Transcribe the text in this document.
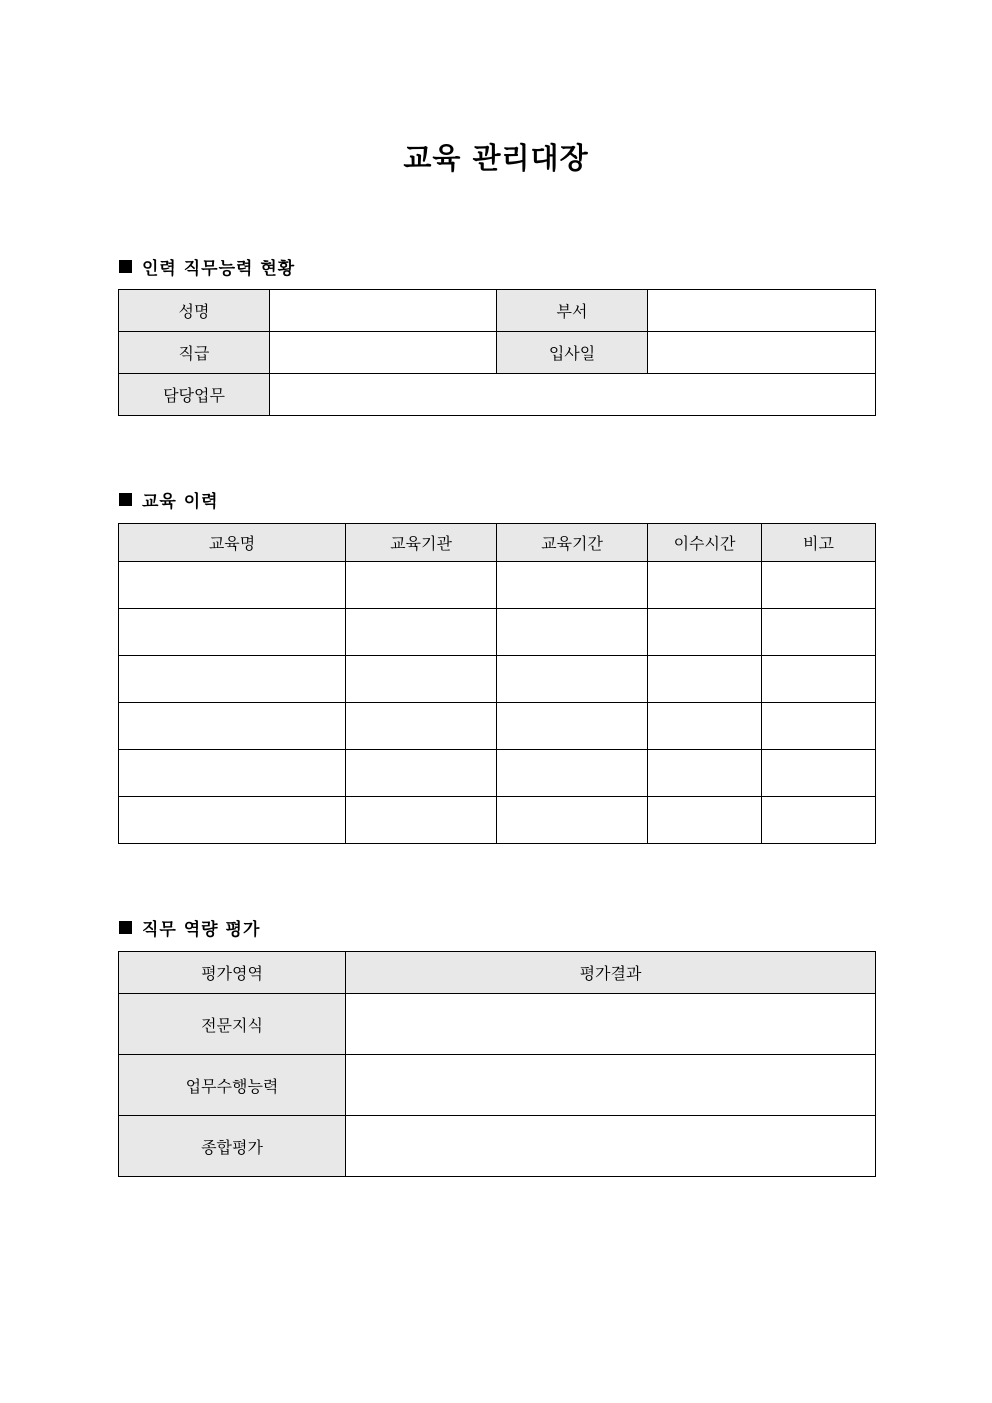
교육 관리대장
인력 직무능력 현황
성명		부서	
직급		입사일	
담당업무			
교육 이력
교육명	교육기관	교육기간	이수시간	비고

직무 역량 평가
평가영역	평가결과
전문지식	
업무수행능력	
종합평가	
